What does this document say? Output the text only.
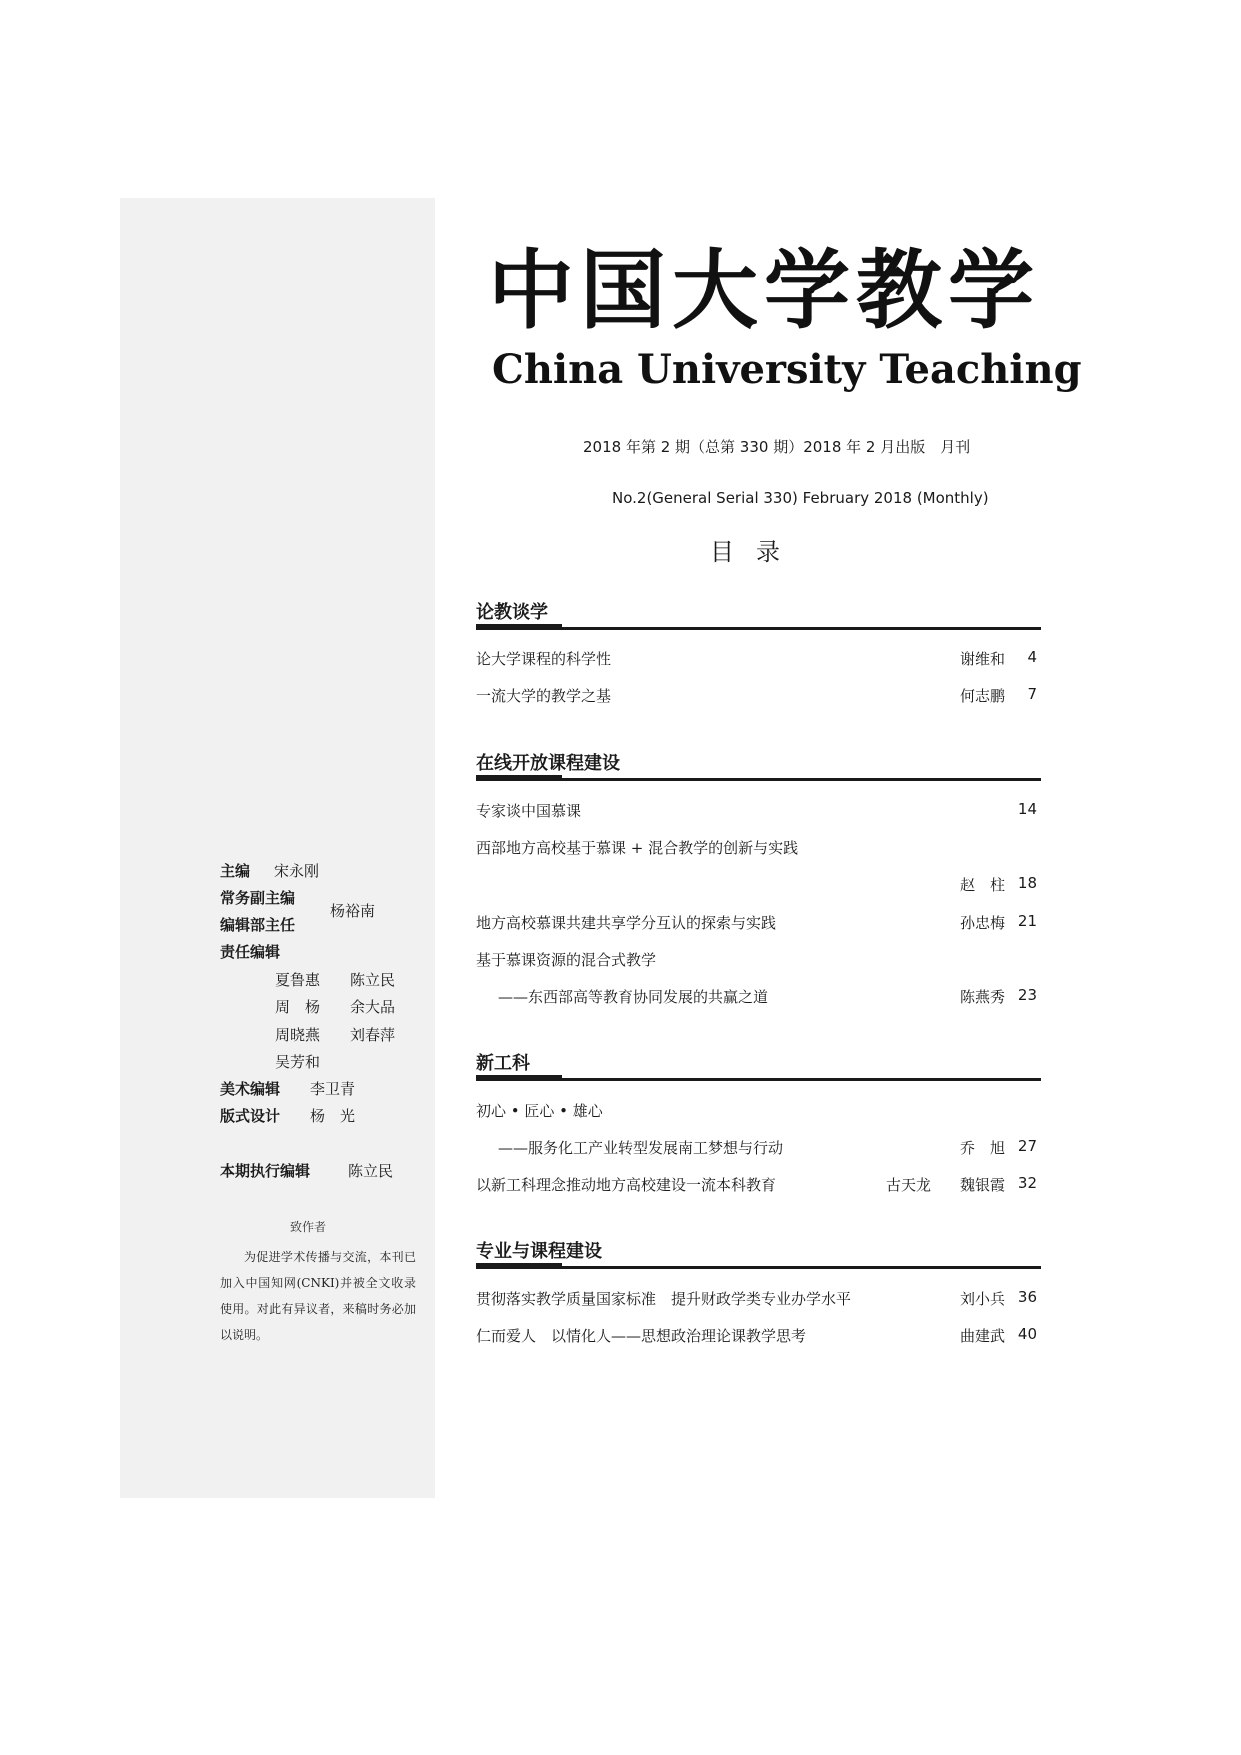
主编 宋永刚
常务副主编
编辑部主任
杨裕南
责任编辑
夏鲁惠 陈立民
周　杨 余大品
周晓燕 刘春萍
吴芳和
美术编辑 李卫青
版式设计 杨　光
本期执行编辑	陈立民
致作者
为促进学术传播与交流，本刊已加入中国知网(CNKI)并被全文收录使用。对此有异议者，来稿时务必加以说明。
中国大学教学
China University Teaching
2018 年第 2 期（总第 330 期）2018 年 2 月出版　月刊
No.2(General Serial 330) February 2018 (Monthly)
目录
论教谈学
论大学课程的科学性	谢维和 4
一流大学的教学之基	何志鹏 7
在线开放课程建设
专家谈中国慕课	14
西部地方高校基于慕课 + 混合教学的创新与实践
赵　柱 18
地方高校慕课共建共享学分互认的探索与实践	孙忠梅 21
基于慕课资源的混合式教学
——东西部高等教育协同发展的共赢之道	陈燕秀 23
新工科
初心 • 匠心 • 雄心
——服务化工产业转型发展南工梦想与行动	乔　旭 27
以新工科理念推动地方高校建设一流本科教育	古天龙 魏银霞 32
专业与课程建设
贯彻落实教学质量国家标准　提升财政学类专业办学水平	刘小兵 36
仁而爱人　以情化人——思想政治理论课教学思考	曲建武 40
